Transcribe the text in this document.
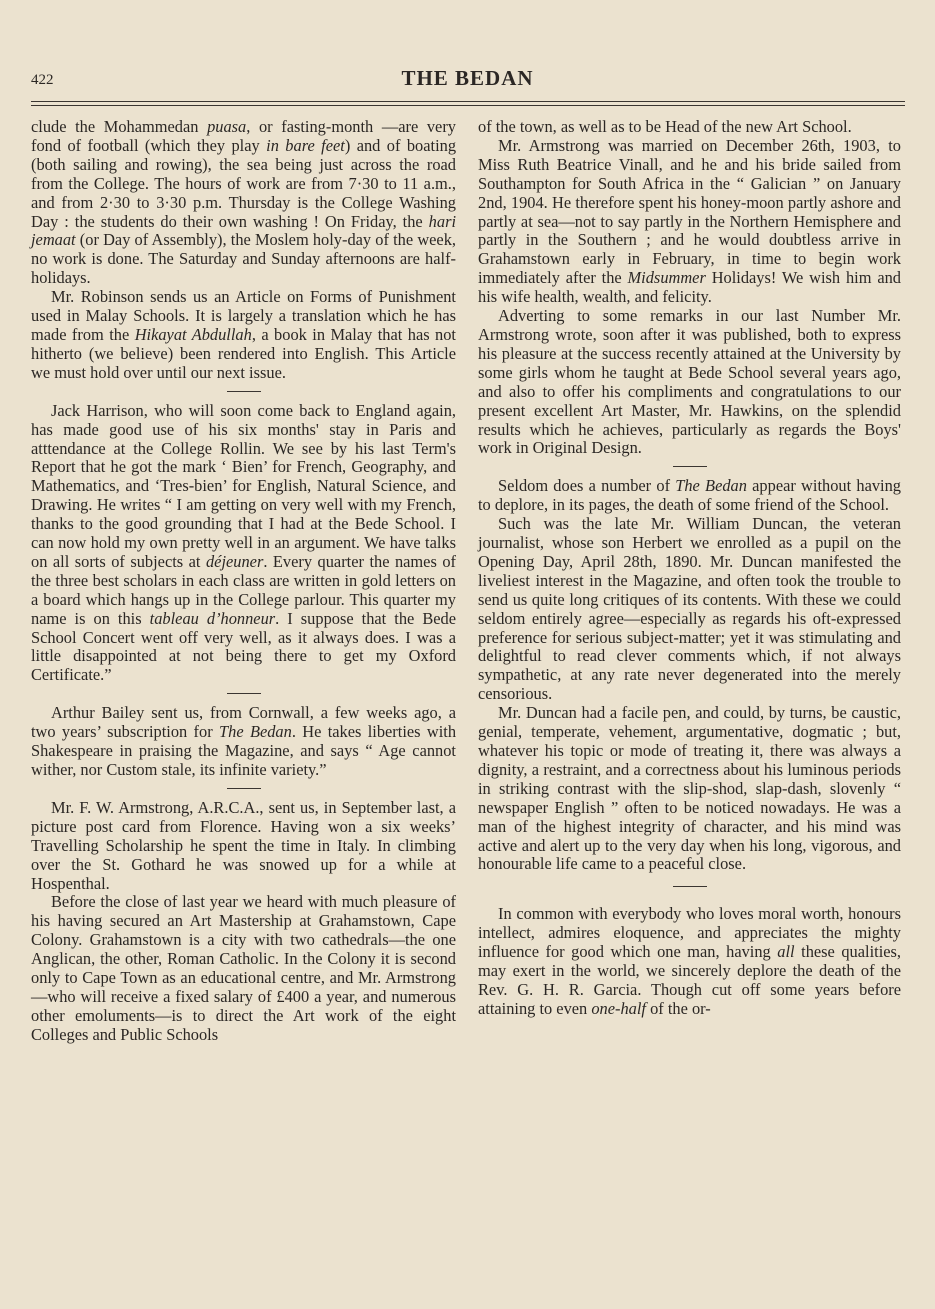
422	THE BEDAN

clude the Mohammedan puasa, or fasting-month —are very fond of football (which they play in bare feet) and of boating (both sailing and rowing), the sea being just across the road from the College. The hours of work are from 7·30 to 11 a.m., and from 2·30 to 3·30 p.m. Thursday is the College Washing Day : the students do their own washing ! On Friday, the hari jemaat (or Day of Assembly), the Moslem holy-day of the week, no work is done. The Saturday and Sunday afternoons are half-holidays.

Mr. Robinson sends us an Article on Forms of Punishment used in Malay Schools. It is largely a translation which he has made from the Hikayat Abdullah, a book in Malay that has not hitherto (we believe) been rendered into English. This Article we must hold over until our next issue.

Jack Harrison, who will soon come back to England again, has made good use of his six months' stay in Paris and atttendance at the College Rollin. We see by his last Term's Report that he got the mark ‘ Bien’ for French, Geography, and Mathematics, and ‘Tres-bien’ for English, Natural Science, and Drawing. He writes “ I am getting on very well with my French, thanks to the good grounding that I had at the Bede School. I can now hold my own pretty well in an argument. We have talks on all sorts of subjects at déjeuner. Every quarter the names of the three best scholars in each class are written in gold letters on a board which hangs up in the College parlour. This quarter my name is on this tableau d’honneur. I suppose that the Bede School Concert went off very well, as it always does. I was a little disappointed at not being there to get my Oxford Certificate.”

Arthur Bailey sent us, from Cornwall, a few weeks ago, a two years’ subscription for The Bedan. He takes liberties with Shakespeare in praising the Magazine, and says “ Age cannot wither, nor Custom stale, its infinite variety.”

Mr. F. W. Armstrong, A.R.C.A., sent us, in September last, a picture post card from Florence. Having won a six weeks’ Travelling Scholarship he spent the time in Italy. In climbing over the St. Gothard he was snowed up for a while at Hospenthal.

Before the close of last year we heard with much pleasure of his having secured an Art Mastership at Grahamstown, Cape Colony. Grahamstown is a city with two cathedrals—the one Anglican, the other, Roman Catholic. In the Colony it is second only to Cape Town as an educational centre, and Mr. Armstrong—who will receive a fixed salary of £400 a year, and numerous other emoluments—is to direct the Art work of the eight Colleges and Public Schools

of the town, as well as to be Head of the new Art School.

Mr. Armstrong was married on December 26th, 1903, to Miss Ruth Beatrice Vinall, and he and his bride sailed from Southampton for South Africa in the “ Galician ” on January 2nd, 1904. He therefore spent his honey-moon partly ashore and partly at sea—not to say partly in the Northern Hemisphere and partly in the Southern ; and he would doubtless arrive in Grahamstown early in February, in time to begin work immediately after the Midsummer Holidays! We wish him and his wife health, wealth, and felicity.

Adverting to some remarks in our last Number Mr. Armstrong wrote, soon after it was published, both to express his pleasure at the success recently attained at the University by some girls whom he taught at Bede School several years ago, and also to offer his compliments and congratulations to our present excellent Art Master, Mr. Hawkins, on the splendid results which he achieves, particularly as regards the Boys' work in Original Design.

Seldom does a number of The Bedan appear without having to deplore, in its pages, the death of some friend of the School.

Such was the late Mr. William Duncan, the veteran journalist, whose son Herbert we enrolled as a pupil on the Opening Day, April 28th, 1890. Mr. Duncan manifested the liveliest interest in the Magazine, and often took the trouble to send us quite long critiques of its contents. With these we could seldom entirely agree—especially as regards his oft-expressed preference for serious subject-matter; yet it was stimulating and delightful to read clever comments which, if not always sympathetic, at any rate never degenerated into the merely censorious.

Mr. Duncan had a facile pen, and could, by turns, be caustic, genial, temperate, vehement, argumentative, dogmatic ; but, whatever his topic or mode of treating it, there was always a dignity, a restraint, and a correctness about his luminous periods in striking contrast with the slip-shod, slap-dash, slovenly “ newspaper English ” often to be noticed nowadays. He was a man of the highest integrity of character, and his mind was active and alert up to the very day when his long, vigorous, and honourable life came to a peaceful close.

In common with everybody who loves moral worth, honours intellect, admires eloquence, and appreciates the mighty influence for good which one man, having all these qualities, may exert in the world, we sincerely deplore the death of the Rev. G. H. R. Garcia. Though cut off some years before attaining to even one-half of the or-
